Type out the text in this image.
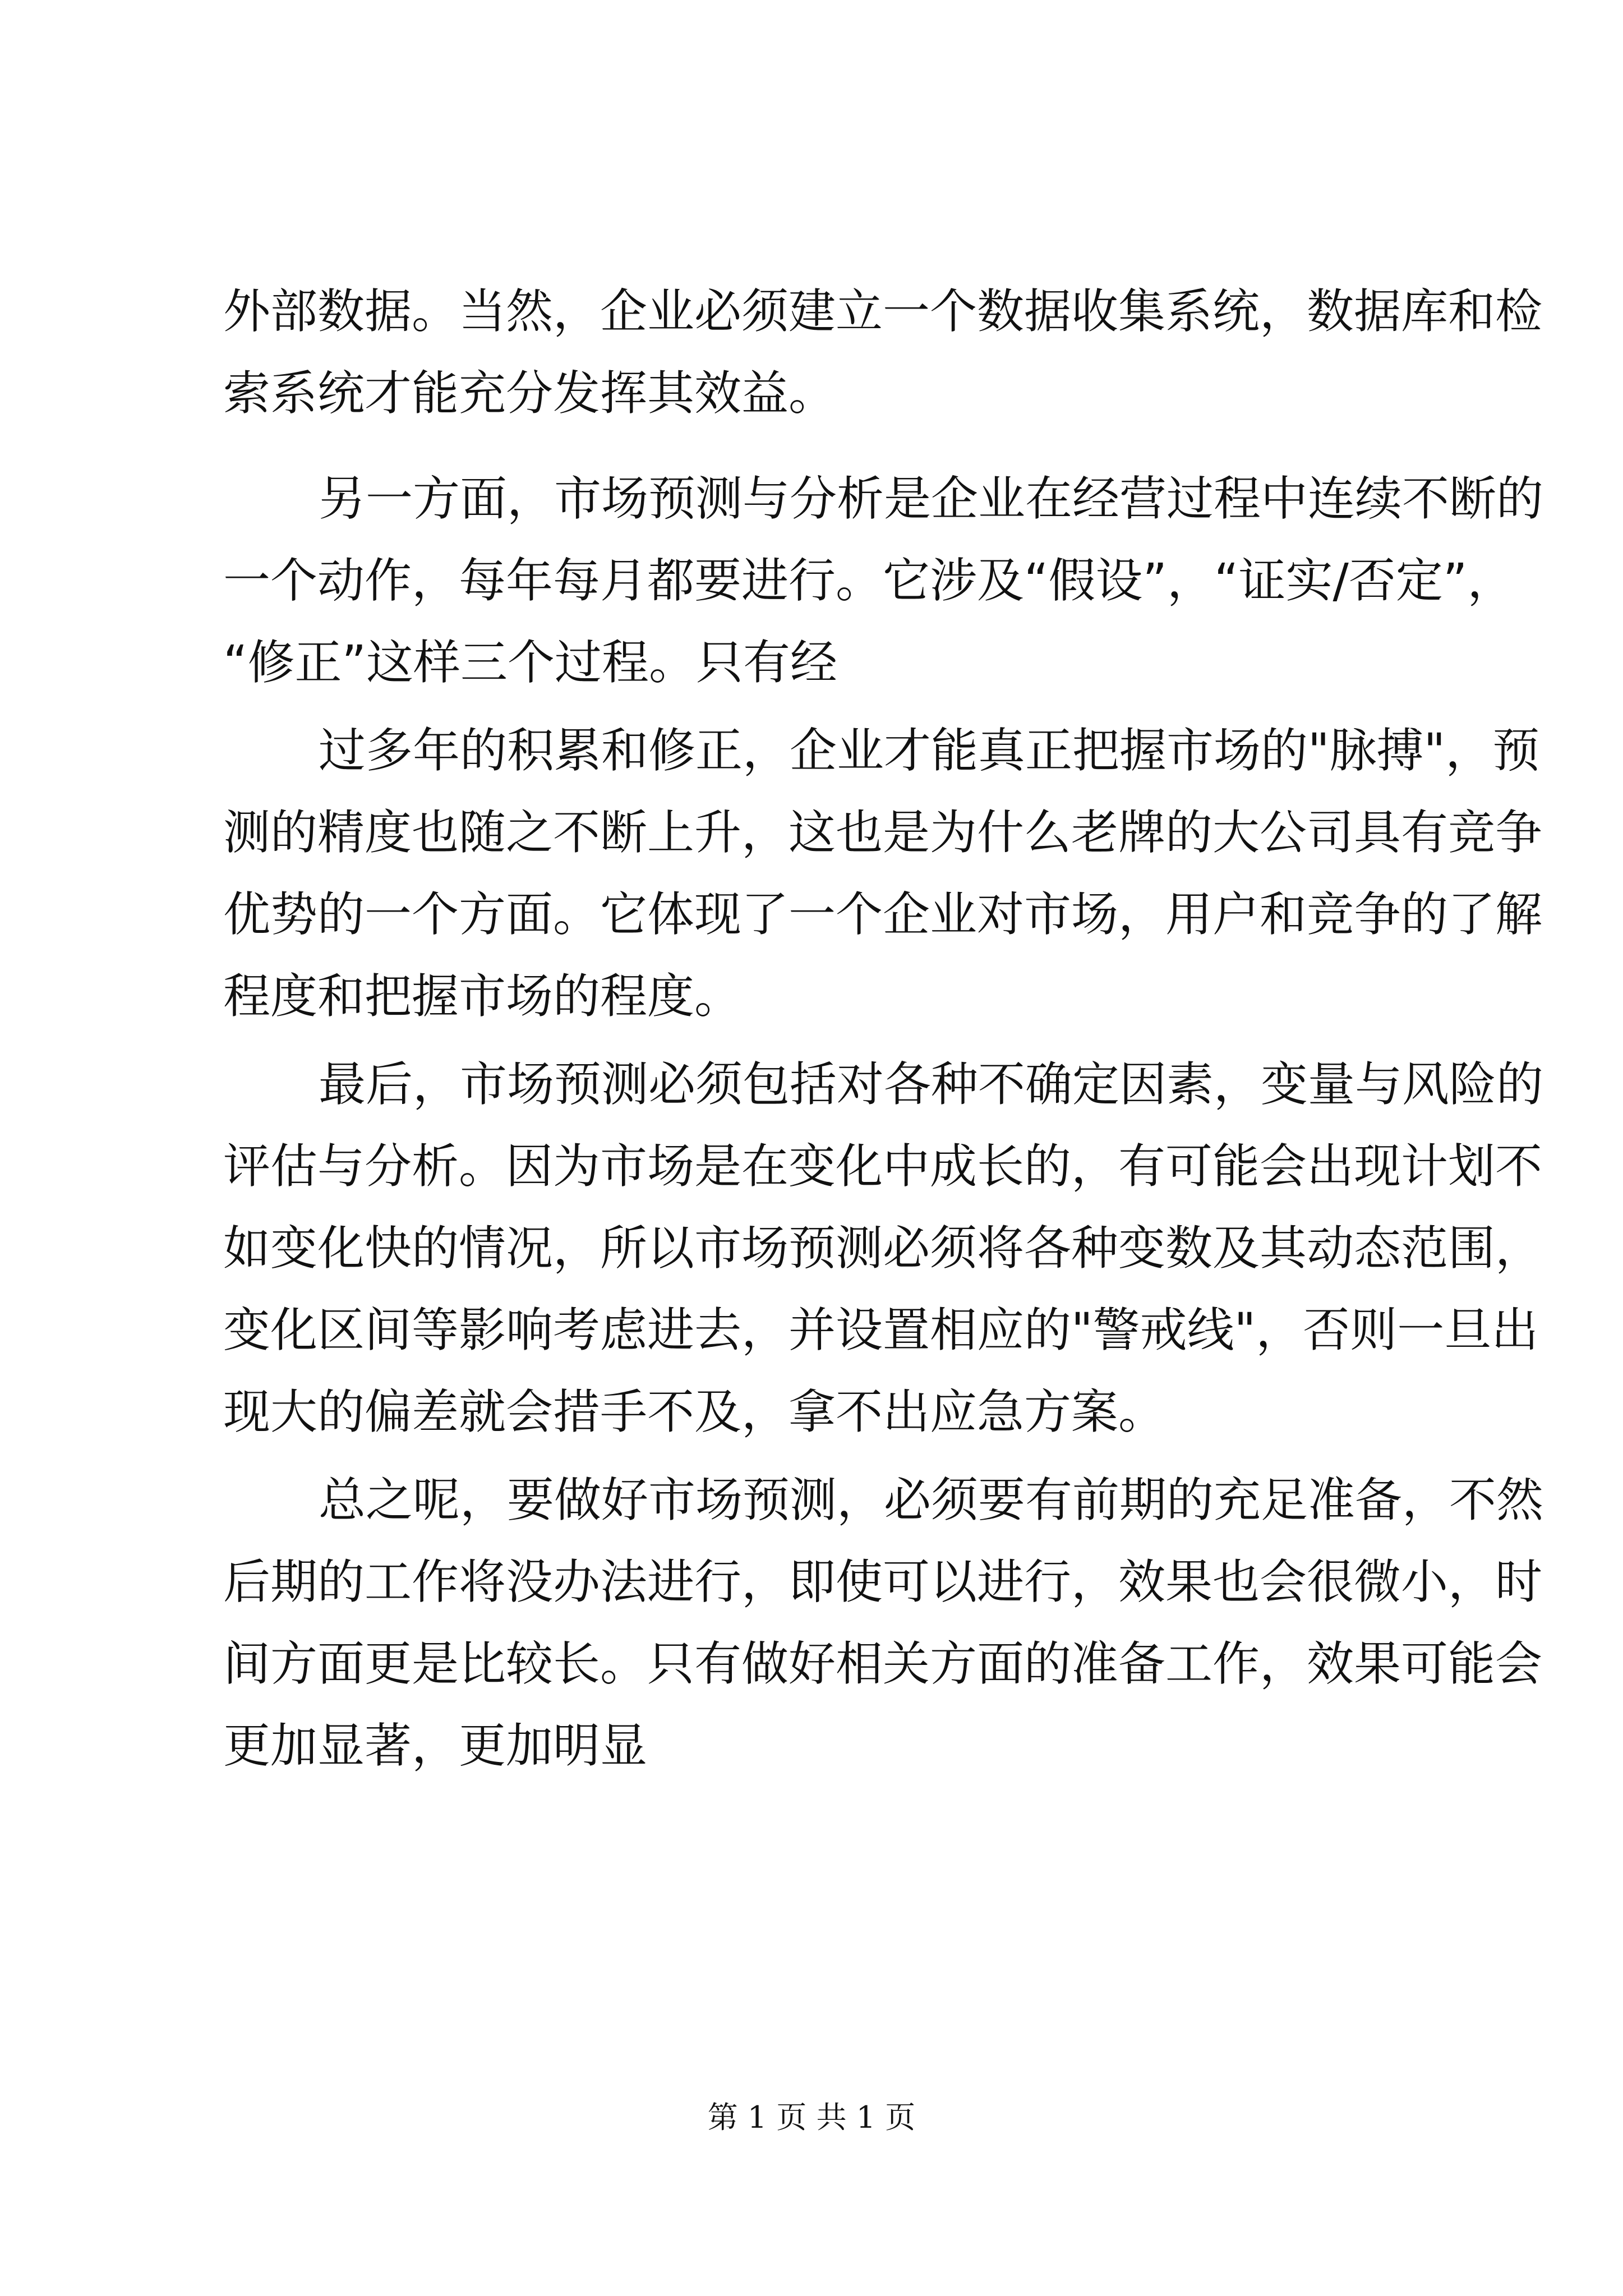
外部数据。当然，企业必须建立一个数据收集系统，数据库和检

索系统才能充分发挥其效益。

另一方面，市场预测与分析是企业在经营过程中连续不断的

一个动作，每年每月都要进行。它涉及“假设”，“证实/否定”，

“修正”这样三个过程。只有经

过多年的积累和修正，企业才能真正把握市场的"脉搏"，预

测的精度也随之不断上升，这也是为什么老牌的大公司具有竞争

优势的一个方面。它体现了一个企业对市场，用户和竞争的了解

程度和把握市场的程度。

最后，市场预测必须包括对各种不确定因素，变量与风险的

评估与分析。因为市场是在变化中成长的，有可能会出现计划不

如变化快的情况，所以市场预测必须将各种变数及其动态范围，

变化区间等影响考虑进去，并设置相应的"警戒线"，否则一旦出

现大的偏差就会措手不及，拿不出应急方案。

总之呢，要做好市场预测，必须要有前期的充足准备，不然

后期的工作将没办法进行，即使可以进行，效果也会很微小，时

间方面更是比较长。只有做好相关方面的准备工作，效果可能会

更加显著，更加明显

第 1 页 共 1 页
